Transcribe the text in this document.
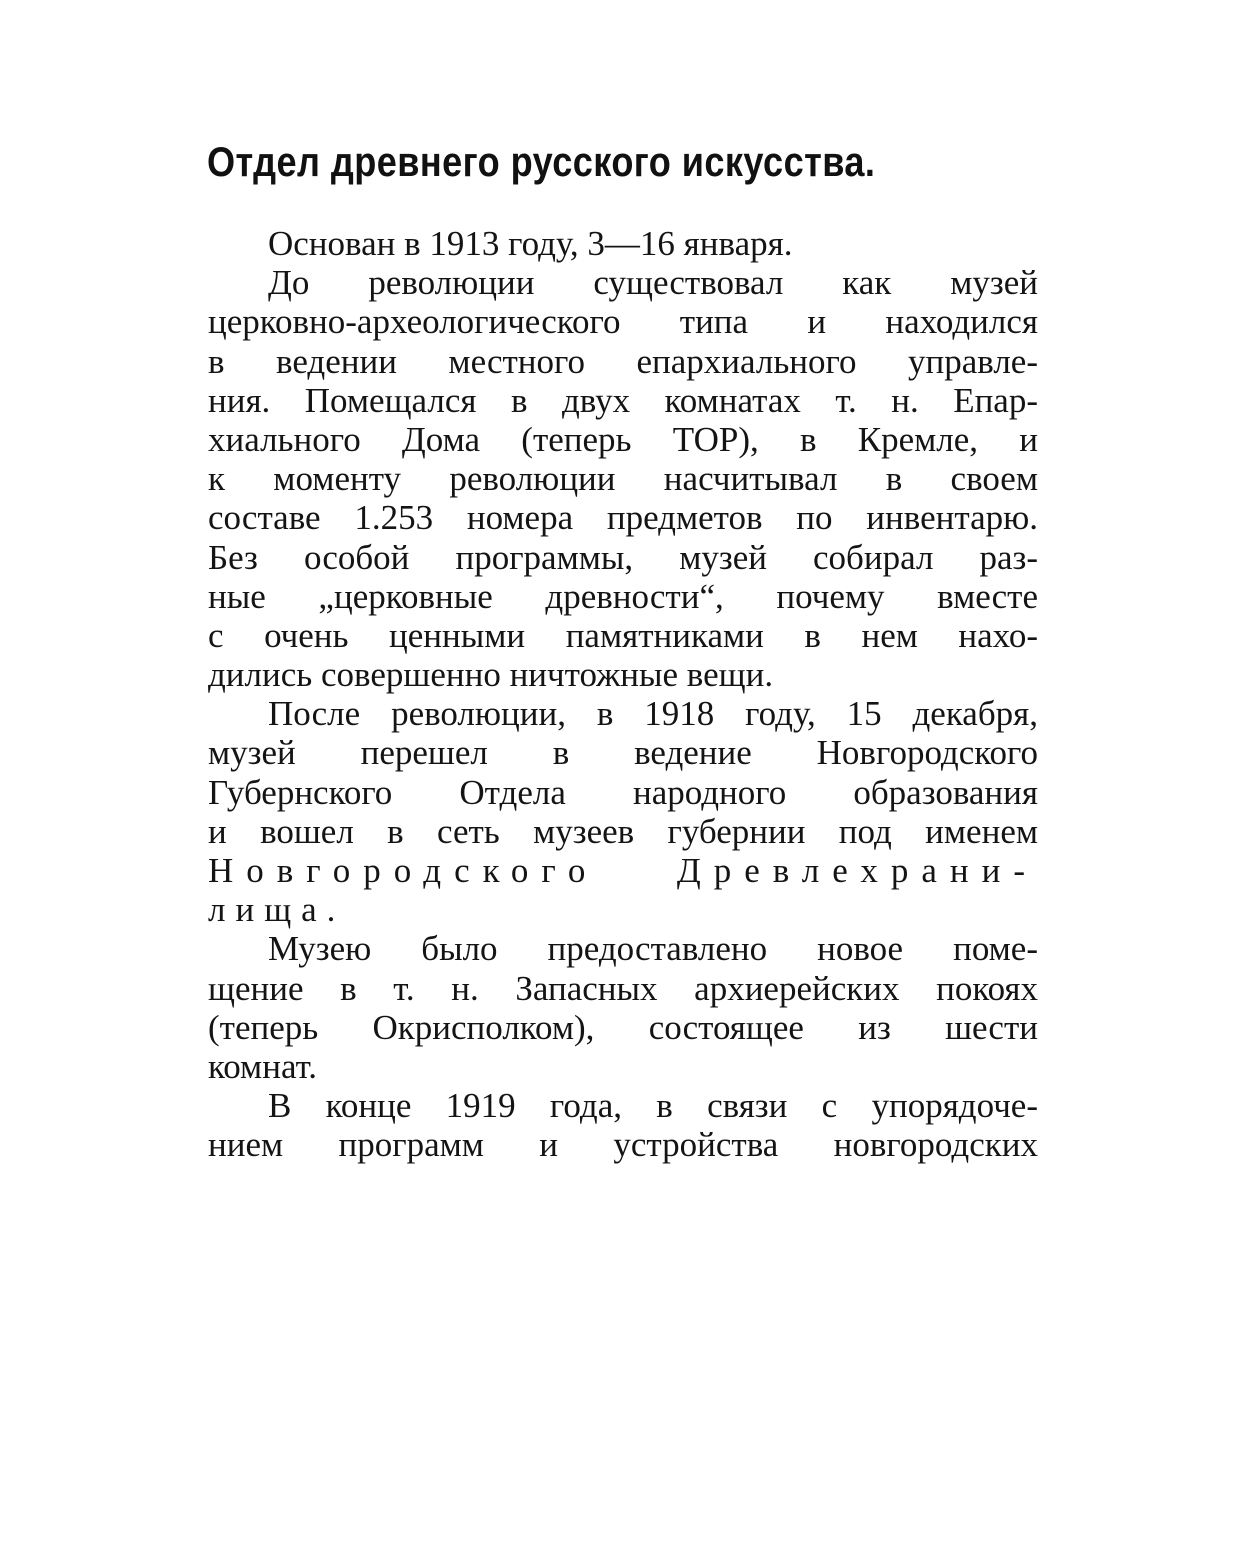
Отдел древнего русского искусства.
Основан в 1913 году, 3—16 января.
До революции существовал как музей
церковно-археологического типа и находился
в ведении местного епархиального управле-
ния. Помещался в двух комнатах т. н. Епар-
хиального Дома (теперь ТОР), в Кремле, и
к моменту революции насчитывал в своем
составе 1.253 номера предметов по инвентарю.
Без особой программы, музей собирал раз-
ные „церковные древности“, почему вместе
с очень ценными памятниками в нем нахо-
дились совершенно ничтожные вещи.
После революции, в 1918 году, 15 декабря,
музей перешел в ведение Новгородского
Губернского Отдела народного образования
и вошел в сеть музеев губернии под именем
Новгородского Древлехрани-
лища.
Музею было предоставлено новое поме-
щение в т. н. Запасных архиерейских покоях
(теперь Окрисполком), состоящее из шести
комнат.
В конце 1919 года, в связи с упорядоче-
нием программ и устройства новгородских
